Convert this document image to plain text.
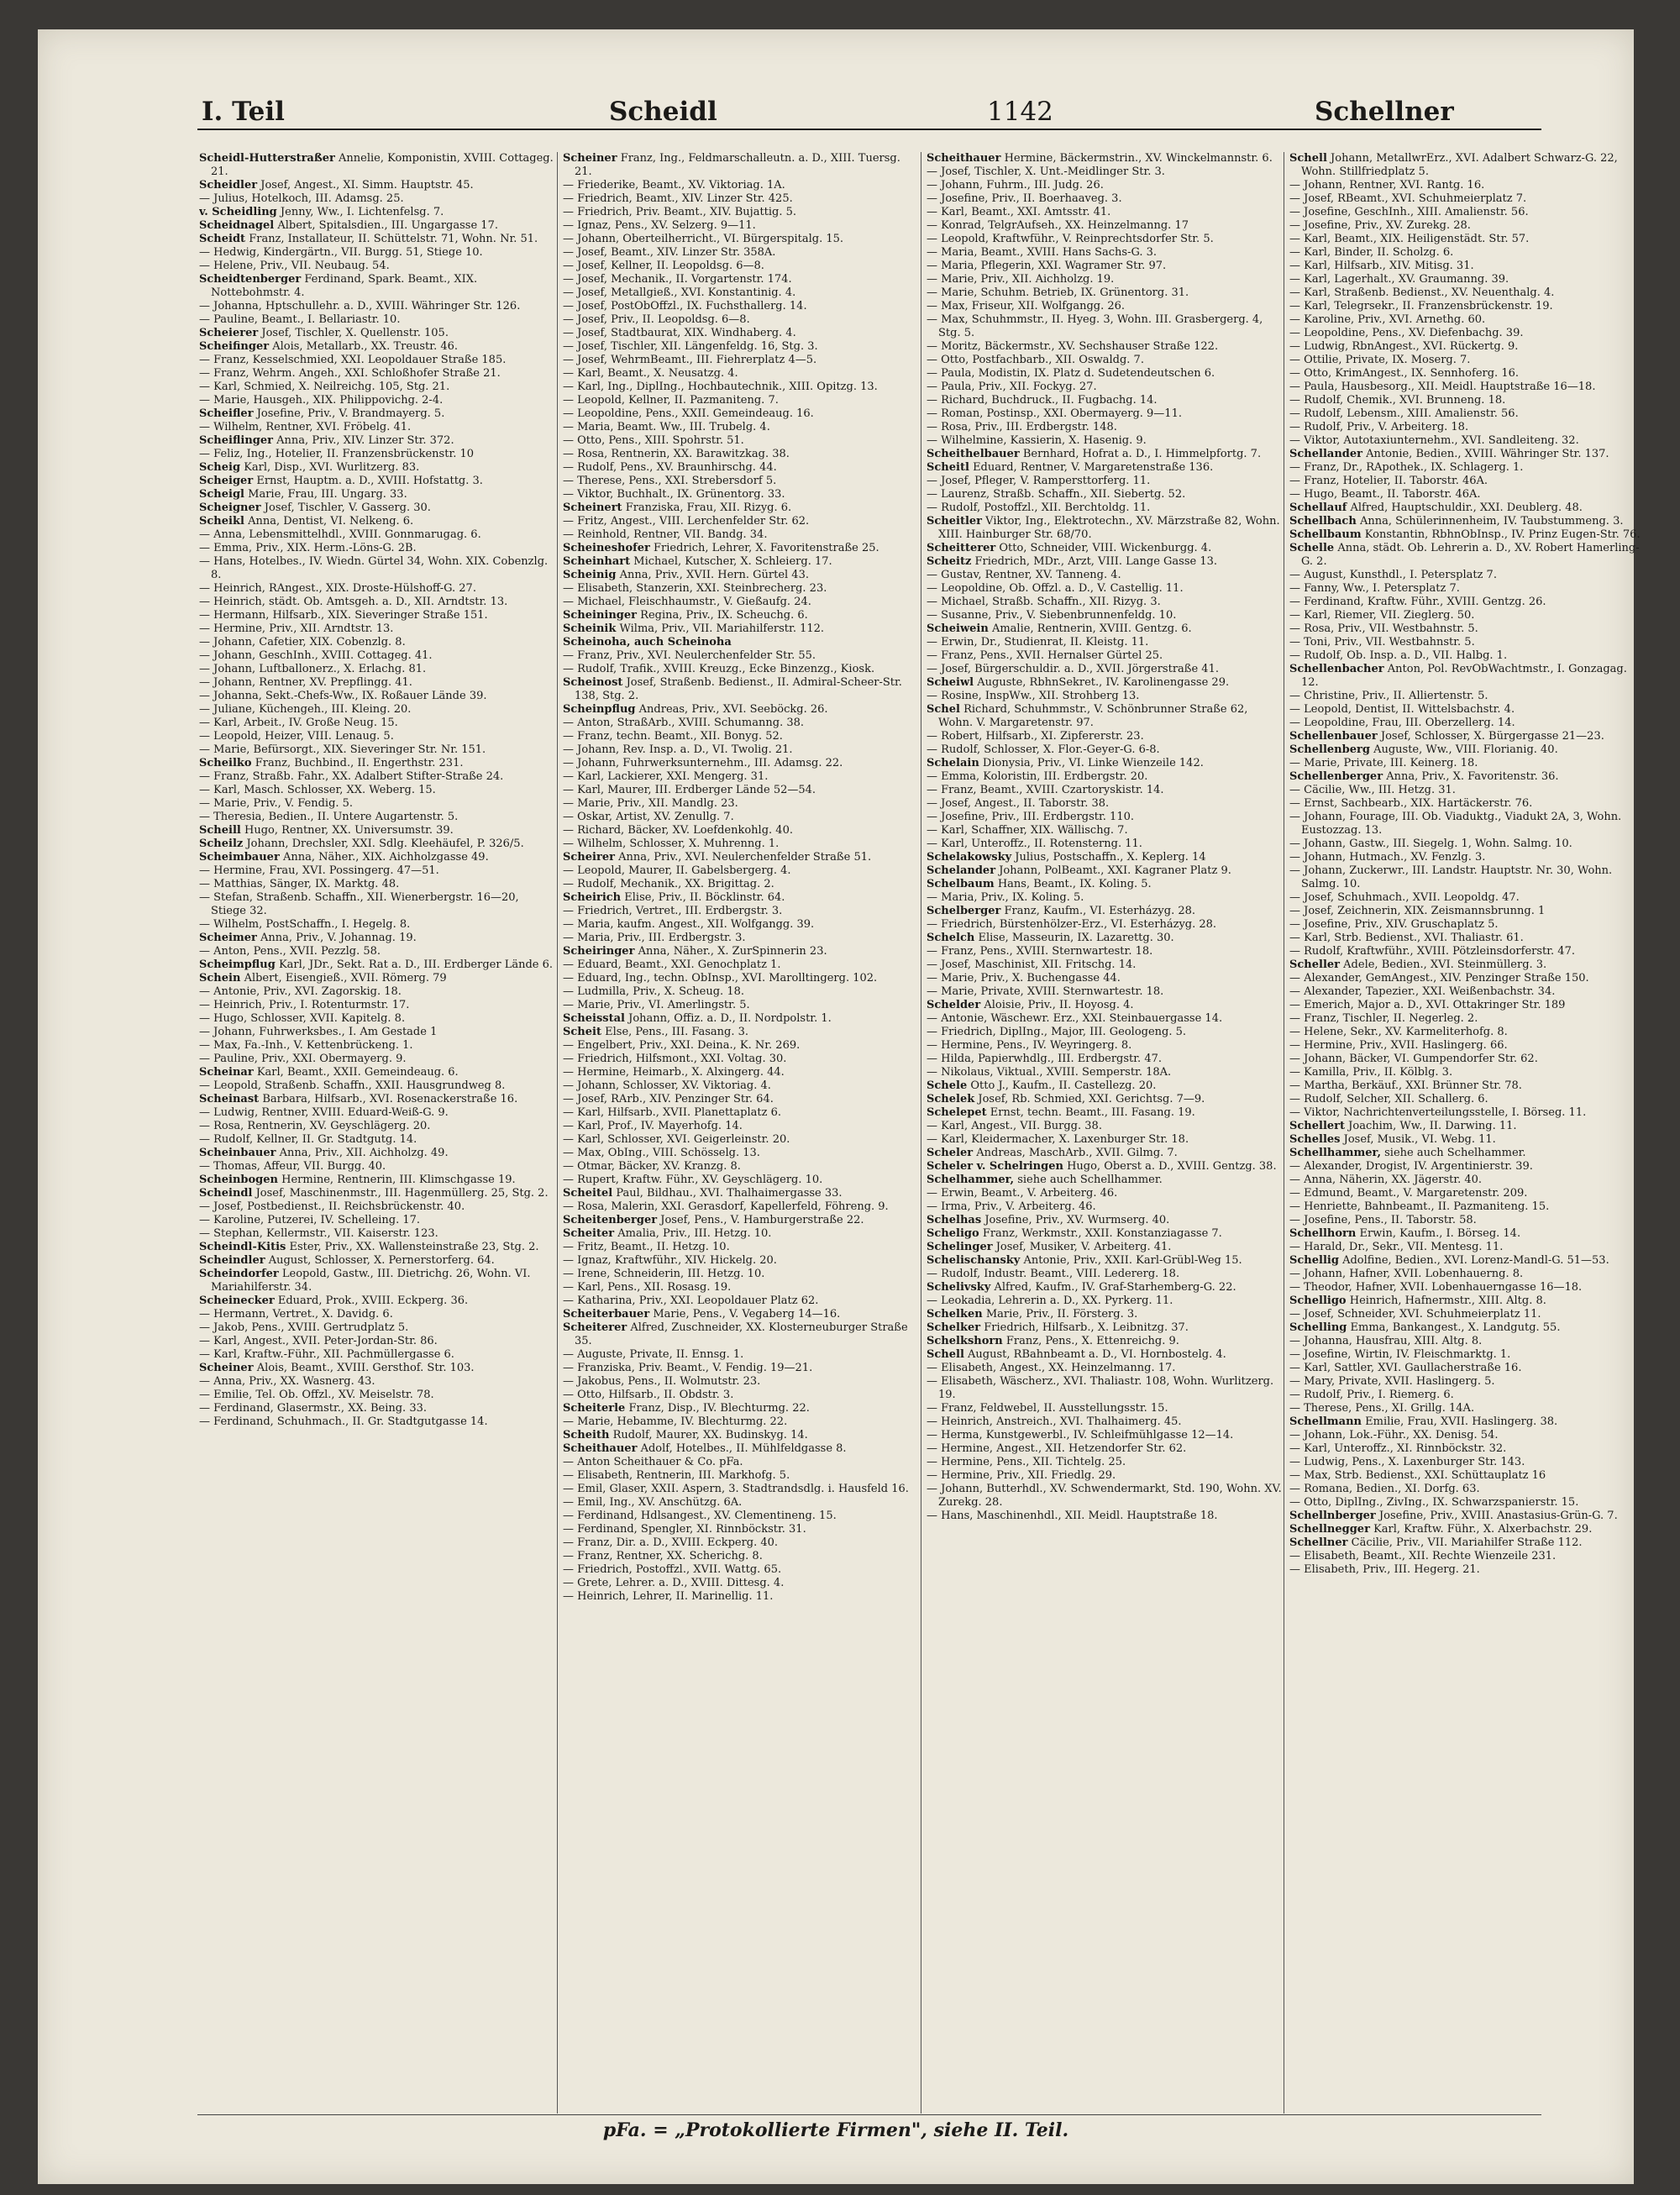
I. Teil	Scheidl	1142	Schellner

Scheidl-Hutterstraßer Annelie, Komponistin, XVIII. Cottageg. 21.

Scheidler Josef, Angest., XI. Simm. Hauptstr. 45.

— Julius, Hotelkoch, III. Adamsg. 25.

v. Scheidling Jenny, Ww., I. Lichtenfelsg. 7.

Scheidnagel Albert, Spitalsdien., III. Ungargasse 17.

Scheidt Franz, Installateur, II. Schüttelstr. 71, Wohn. Nr. 51.

— Hedwig, Kindergärtn., VII. Burgg. 51, Stiege 10.

— Helene, Priv., VII. Neubaug. 54.

Scheidtenberger Ferdinand, Spark. Beamt., XIX. Nottebohmstr. 4.

— Johanna, Hptschullehr. a. D., XVIII. Währinger Str. 126.

— Pauline, Beamt., I. Bellariastr. 10.

Scheierer Josef, Tischler, X. Quellenstr. 105.

Scheifinger Alois, Metallarb., XX. Treustr. 46.

— Franz, Kesselschmied, XXI. Leopoldauer Straße 185.

— Franz, Wehrm. Angeh., XXI. Schloßhofer Straße 21.

— Karl, Schmied, X. Neilreichg. 105, Stg. 21.

— Marie, Hausgeh., XIX. Philippovichg. 2-4.

Scheifler Josefine, Priv., V. Brandmayerg. 5.

— Wilhelm, Rentner, XVI. Fröbelg. 41.

Scheiflinger Anna, Priv., XIV. Linzer Str. 372.

— Feliz, Ing., Hotelier, II. Franzensbrückenstr. 10

Scheig Karl, Disp., XVI. Wurlitzerg. 83.

Scheiger Ernst, Hauptm. a. D., XVIII. Hofstattg. 3.

Scheigl Marie, Frau, III. Ungarg. 33.

Scheigner Josef, Tischler, V. Gasserg. 30.

Scheikl Anna, Dentist, VI. Nelkeng. 6.

— Anna, Lebensmittelhdl., XVIII. Gonnmarugag. 6.

— Emma, Priv., XIX. Herm.-Löns-G. 2B.

— Hans, Hotelbes., IV. Wiedn. Gürtel 34, Wohn. XIX. Cobenzlg. 8.

— Heinrich, RAngest., XIX. Droste-Hülshoff-G. 27.

— Heinrich, städt. Ob. Amtsgeh. a. D., XII. Arndtstr. 13.

— Hermann, Hilfsarb., XIX. Sieveringer Straße 151.

— Hermine, Priv., XII. Arndtstr. 13.

— Johann, Cafetier, XIX. Cobenzlg. 8.

— Johann, GeschInh., XVIII. Cottageg. 41.

— Johann, Luftballonerz., X. Erlachg. 81.

— Johann, Rentner, XV. Prepflingg. 41.

— Johanna, Sekt.-Chefs-Ww., IX. Roßauer Lände 39.

— Juliane, Küchengeh., III. Kleing. 20.

— Karl, Arbeit., IV. Große Neug. 15.

— Leopold, Heizer, VIII. Lenaug. 5.

— Marie, Befürsorgt., XIX. Sieveringer Str. Nr. 151.

Scheilko Franz, Buchbind., II. Engerthstr. 231.

— Franz, Straßb. Fahr., XX. Adalbert Stifter-Straße 24.

— Karl, Masch. Schlosser, XX. Weberg. 15.

— Marie, Priv., V. Fendig. 5.

— Theresia, Bedien., II. Untere Augartenstr. 5.

Scheill Hugo, Rentner, XX. Universumstr. 39.

Scheilz Johann, Drechsler, XXI. Sdlg. Kleehäufel, P. 326/5.

Scheimbauer Anna, Näher., XIX. Aichholzgasse 49.

— Hermine, Frau, XVI. Possingerg. 47—51.

— Matthias, Sänger, IX. Marktg. 48.

— Stefan, Straßenb. Schaffn., XII. Wienerbergstr. 16—20, Stiege 32.

— Wilhelm, PostSchaffn., I. Hegelg. 8.

Scheimer Anna, Priv., V. Johannag. 19.

— Anton, Pens., XVII. Pezzlg. 58.

Scheimpflug Karl, JDr., Sekt. Rat a. D., III. Erdberger Lände 6.

Schein Albert, Eisengieß., XVII. Römerg. 79

— Antonie, Priv., XVI. Zagorskig. 18.

— Heinrich, Priv., I. Rotenturmstr. 17.

— Hugo, Schlosser, XVII. Kapitelg. 8.

— Johann, Fuhrwerksbes., I. Am Gestade 1

— Max, Fa.-Inh., V. Kettenbrückeng. 1.

— Pauline, Priv., XXI. Obermayerg. 9.

Scheinar Karl, Beamt., XXII. Gemeindeaug. 6.

— Leopold, Straßenb. Schaffn., XXII. Hausgrundweg 8.

Scheinast Barbara, Hilfsarb., XVI. Rosenackerstraße 16.

— Ludwig, Rentner, XVIII. Eduard-Weiß-G. 9.

— Rosa, Rentnerin, XV. Geyschlägerg. 20.

— Rudolf, Kellner, II. Gr. Stadtgutg. 14.

Scheinbauer Anna, Priv., XII. Aichholzg. 49.

— Thomas, Affeur, VII. Burgg. 40.

Scheinbogen Hermine, Rentnerin, III. Klimschgasse 19.

Scheindl Josef, Maschinenmstr., III. Hagenmüllerg. 25, Stg. 2.

— Josef, Postbedienst., II. Reichsbrückenstr. 40.

— Karoline, Putzerei, IV. Schelleing. 17.

— Stephan, Kellermstr., VII. Kaiserstr. 123.

Scheindl-Kitis Ester, Priv., XX. Wallensteinstraße 23, Stg. 2.

Scheindler August, Schlosser, X. Pernerstorferg. 64.

Scheindorfer Leopold, Gastw., III. Dietrichg. 26, Wohn. VI. Mariahilferstr. 34.

Scheinecker Eduard, Prok., XVIII. Eckperg. 36.

— Hermann, Vertret., X. Davidg. 6.

— Jakob, Pens., XVIII. Gertrudplatz 5.

— Karl, Angest., XVII. Peter-Jordan-Str. 86.

— Karl, Kraftw.-Führ., XII. Pachmüllergasse 6.

Scheiner Alois, Beamt., XVIII. Gersthof. Str. 103.

— Anna, Priv., XX. Wasnerg. 43.

— Emilie, Tel. Ob. Offzl., XV. Meiselstr. 78.

— Ferdinand, Glasermstr., XX. Being. 33.

— Ferdinand, Schuhmach., II. Gr. Stadtgutgasse 14.

Scheiner Franz, Ing., Feldmarschalleutn. a. D., XIII. Tuersg. 21.

— Friederike, Beamt., XV. Viktoriag. 1A.

— Friedrich, Beamt., XIV. Linzer Str. 425.

— Friedrich, Priv. Beamt., XIV. Bujattig. 5.

— Ignaz, Pens., XV. Selzerg. 9—11.

— Johann, Oberteilherricht., VI. Bürgerspitalg. 15.

— Josef, Beamt., XIV. Linzer Str. 358A.

— Josef, Kellner, II. Leopoldsg. 6—8.

— Josef, Mechanik., II. Vorgartenstr. 174.

— Josef, Metallgieß., XVI. Konstantinig. 4.

— Josef, PostObOffzl., IX. Fuchsthallerg. 14.

— Josef, Priv., II. Leopoldsg. 6—8.

— Josef, Stadtbaurat, XIX. Windhaberg. 4.

— Josef, Tischler, XII. Längenfeldg. 16, Stg. 3.

— Josef, WehrmBeamt., III. Fiehrerplatz 4—5.

— Karl, Beamt., X. Neusatzg. 4.

— Karl, Ing., DiplIng., Hochbautechnik., XIII. Opitzg. 13.

— Leopold, Kellner, II. Pazmaniteng. 7.

— Leopoldine, Pens., XXII. Gemeindeaug. 16.

— Maria, Beamt. Ww., III. Trubelg. 4.

— Otto, Pens., XIII. Spohrstr. 51.

— Rosa, Rentnerin, XX. Barawitzkag. 38.

— Rudolf, Pens., XV. Braunhirschg. 44.

— Therese, Pens., XXI. Strebersdorf 5.

— Viktor, Buchhalt., IX. Grünentorg. 33.

Scheinert Franziska, Frau, XII. Rizyg. 6.

— Fritz, Angest., VIII. Lerchenfelder Str. 62.

— Reinhold, Rentner, VII. Bandg. 34.

Scheineshofer Friedrich, Lehrer, X. Favoritenstraße 25.

Scheinhart Michael, Kutscher, X. Schleierg. 17.

Scheinig Anna, Priv., XVII. Hern. Gürtel 43.

— Elisabeth, Stanzerin, XXI. Steinbrecherg. 23.

— Michael, Fleischhaumstr., V. Gießaufg. 24.

Scheininger Regina, Priv., IX. Scheuchg. 6.

Scheinik Wilma, Priv., VII. Mariahilferstr. 112.

Scheinoha, auch Scheinoha

— Franz, Priv., XVI. Neulerchenfelder Str. 55.

— Rudolf, Trafik., XVIII. Kreuzg., Ecke Binzenzg., Kiosk.

Scheinost Josef, Straßenb. Bedienst., II. Admiral-Scheer-Str. 138, Stg. 2.

Scheinpflug Andreas, Priv., XVI. Seeböckg. 26.

— Anton, StraßArb., XVIII. Schumanng. 38.

— Franz, techn. Beamt., XII. Bonyg. 52.

— Johann, Rev. Insp. a. D., VI. Twolig. 21.

— Johann, Fuhrwerksunternehm., III. Adamsg. 22.

— Karl, Lackierer, XXI. Mengerg. 31.

— Karl, Maurer, III. Erdberger Lände 52—54.

— Marie, Priv., XII. Mandlg. 23.

— Oskar, Artist, XV. Zenullg. 7.

— Richard, Bäcker, XV. Loefdenkohlg. 40.

— Wilhelm, Schlosser, X. Muhrenng. 1.

Scheirer Anna, Priv., XVI. Neulerchenfelder Straße 51.

— Leopold, Maurer, II. Gabelsbergerg. 4.

— Rudolf, Mechanik., XX. Brigittag. 2.

Scheirich Elise, Priv., II. Böcklinstr. 64.

— Friedrich, Vertret., III. Erdbergstr. 3.

— Maria, kaufm. Angest., XII. Wolfgangg. 39.

— Maria, Priv., III. Erdbergstr. 3.

Scheiringer Anna, Näher., X. ZurSpinnerin 23.

— Eduard, Beamt., XXI. Genochplatz 1.

— Eduard, Ing., techn. ObInsp., XVI. Marolltingerg. 102.

— Ludmilla, Priv., X. Scheug. 18.

— Marie, Priv., VI. Amerlingstr. 5.

Scheisstal Johann, Offiz. a. D., II. Nordpolstr. 1.

Scheit Else, Pens., III. Fasang. 3.

— Engelbert, Priv., XXI. Deina., K. Nr. 269.

— Friedrich, Hilfsmont., XXI. Voltag. 30.

— Hermine, Heimarb., X. Alxingerg. 44.

— Johann, Schlosser, XV. Viktoriag. 4.

— Josef, RArb., XIV. Penzinger Str. 64.

— Karl, Hilfsarb., XVII. Planettaplatz 6.

— Karl, Prof., IV. Mayerhofg. 14.

— Karl, Schlosser, XVI. Geigerleinstr. 20.

— Max, ObIng., VIII. Schösselg. 13.

— Otmar, Bäcker, XV. Kranzg. 8.

— Rupert, Kraftw. Führ., XV. Geyschlägerg. 10.

Scheitel Paul, Bildhau., XVI. Thalhaimergasse 33.

— Rosa, Malerin, XXI. Gerasdorf, Kapellerfeld, Föhreng. 9.

Scheitenberger Josef, Pens., V. Hamburgerstraße 22.

Scheiter Amalia, Priv., III. Hetzg. 10.

— Fritz, Beamt., II. Hetzg. 10.

— Ignaz, Kraftwführ., XIV. Hickelg. 20.

— Irene, Schneiderin, III. Hetzg. 10.

— Karl, Pens., XII. Rosasg. 19.

— Katharina, Priv., XXI. Leopoldauer Platz 62.

Scheiterbauer Marie, Pens., V. Vegaberg 14—16.

Scheiterer Alfred, Zuschneider, XX. Klosterneuburger Straße 35.

— Auguste, Private, II. Ennsg. 1.

— Franziska, Priv. Beamt., V. Fendig. 19—21.

— Jakobus, Pens., II. Wolmutstr. 23.

— Otto, Hilfsarb., II. Obdstr. 3.

Scheiterle Franz, Disp., IV. Blechturmg. 22.

— Marie, Hebamme, IV. Blechturmg. 22.

Scheith Rudolf, Maurer, XX. Budinskyg. 14.

Scheithauer Adolf, Hotelbes., II. Mühlfeldgasse 8.

— Anton Scheithauer & Co. pFa.

— Elisabeth, Rentnerin, III. Markhofg. 5.

— Emil, Glaser, XXII. Aspern, 3. Stadtrandsdlg. i. Hausfeld 16.

— Emil, Ing., XV. Anschützg. 6A.

— Ferdinand, Hdlsangest., XV. Clementineng. 15.

— Ferdinand, Spengler, XI. Rinnböckstr. 31.

— Franz, Dir. a. D., XVIII. Eckperg. 40.

— Franz, Rentner, XX. Scherichg. 8.

— Friedrich, Postoffzl., XVII. Wattg. 65.

— Grete, Lehrer. a. D., XVIII. Dittesg. 4.

— Heinrich, Lehrer, II. Marinellig. 11.

Scheithauer Hermine, Bäckermstrin., XV. Winckelmannstr. 6.

— Josef, Tischler, X. Unt.-Meidlinger Str. 3.

— Johann, Fuhrm., III. Judg. 26.

— Josefine, Priv., II. Boerhaaveg. 3.

— Karl, Beamt., XXI. Amtsstr. 41.

— Konrad, TelgrAufseh., XX. Heinzelmanng. 17

— Leopold, Kraftwführ., V. Reinprechtsdorfer Str. 5.

— Maria, Beamt., XVIII. Hans Sachs-G. 3.

— Maria, Pflegerin, XXI. Wagramer Str. 97.

— Marie, Priv., XII. Aichholzg. 19.

— Marie, Schuhm. Betrieb, IX. Grünentorg. 31.

— Max, Friseur, XII. Wolfgangg. 26.

— Max, Schuhmmstr., II. Hyeg. 3, Wohn. III. Grasbergerg. 4, Stg. 5.

— Moritz, Bäckermstr., XV. Sechshauser Straße 122.

— Otto, Postfachbarb., XII. Oswaldg. 7.

— Paula, Modistin, IX. Platz d. Sudetendeutschen 6.

— Paula, Priv., XII. Fockyg. 27.

— Richard, Buchdruck., II. Fugbachg. 14.

— Roman, Postinsp., XXI. Obermayerg. 9—11.

— Rosa, Priv., III. Erdbergstr. 148.

— Wilhelmine, Kassierin, X. Hasenig. 9.

Scheithelbauer Bernhard, Hofrat a. D., I. Himmelpfortg. 7.

Scheitl Eduard, Rentner, V. Margaretenstraße 136.

— Josef, Pfleger, V. Rampersttorferg. 11.

— Laurenz, Straßb. Schaffn., XII. Siebertg. 52.

— Rudolf, Postoffzl., XII. Berchtoldg. 11.

Scheitler Viktor, Ing., Elektrotechn., XV. Märzstraße 82, Wohn. XIII. Hainburger Str. 68/70.

Scheitterer Otto, Schneider, VIII. Wickenburgg. 4.

Scheitz Friedrich, MDr., Arzt, VIII. Lange Gasse 13.

— Gustav, Rentner, XV. Tanneng. 4.

— Leopoldine, Ob. Offzl. a. D., V. Castellig. 11.

— Michael, Straßb. Schaffn., XII. Rizyg. 3.

— Susanne, Priv., V. Siebenbrunnenfeldg. 10.

Scheiwein Amalie, Rentnerin, XVIII. Gentzg. 6.

— Erwin, Dr., Studienrat, II. Kleistg. 11.

— Franz, Pens., XVII. Hernalser Gürtel 25.

— Josef, Bürgerschuldir. a. D., XVII. Jörgerstraße 41.

Scheiwl Auguste, RbhnSekret., IV. Karolinengasse 29.

— Rosine, InspWw., XII. Strohberg 13.

Schel Richard, Schuhmmstr., V. Schönbrunner Straße 62, Wohn. V. Margaretenstr. 97.

— Robert, Hilfsarb., XI. Zipfererstr. 23.

— Rudolf, Schlosser, X. Flor.-Geyer-G. 6-8.

Schelain Dionysia, Priv., VI. Linke Wienzeile 142.

— Emma, Koloristin, III. Erdbergstr. 20.

— Franz, Beamt., XVIII. Czartoryskistr. 14.

— Josef, Angest., II. Taborstr. 38.

— Josefine, Priv., III. Erdbergstr. 110.

— Karl, Schaffner, XIX. Wällischg. 7.

— Karl, Unteroffz., II. Rotensterng. 11.

Schelakowsky Julius, Postschaffn., X. Keplerg. 14

Schelander Johann, PolBeamt., XXI. Kagraner Platz 9.

Schelbaum Hans, Beamt., IX. Koling. 5.

— Maria, Priv., IX. Koling. 5.

Schelberger Franz, Kaufm., VI. Esterházyg. 28.

— Friedrich, Bürstenhölzer-Erz., VI. Esterházyg. 28.

Schelch Elise, Masseurin, IX. Lazarettg. 30.

— Franz, Pens., XVIII. Sternwartestr. 18.

— Josef, Maschinist, XII. Fritschg. 14.

— Marie, Priv., X. Buchengasse 44.

— Marie, Private, XVIII. Sternwartestr. 18.

Schelder Aloisie, Priv., II. Hoyosg. 4.

— Antonie, Wäschewr. Erz., XXI. Steinbauergasse 14.

— Friedrich, DiplIng., Major, III. Geologeng. 5.

— Hermine, Pens., IV. Weyringerg. 8.

— Hilda, Papierwhdlg., III. Erdbergstr. 47.

— Nikolaus, Viktual., XVIII. Semperstr. 18A.

Schele Otto J., Kaufm., II. Castellezg. 20.

Schelek Josef, Rb. Schmied, XXI. Gerichtsg. 7—9.

Schelepet Ernst, techn. Beamt., III. Fasang. 19.

— Karl, Angest., VII. Burgg. 38.

— Karl, Kleidermacher, X. Laxenburger Str. 18.

Scheler Andreas, MaschArb., XVII. Gilmg. 7.

Scheler v. Schelringen Hugo, Oberst a. D., XVIII. Gentzg. 38.

Schelhammer, siehe auch Schellhammer.

— Erwin, Beamt., V. Arbeiterg. 46.

— Irma, Priv., V. Arbeiterg. 46.

Schelhas Josefine, Priv., XV. Wurmserg. 40.

Scheligo Franz, Werkmstr., XXII. Konstanziagasse 7.

Schelinger Josef, Musiker, V. Arbeiterg. 41.

Schelischansky Antonie, Priv., XXII. Karl-Grübl-Weg 15.

— Rudolf, Industr. Beamt., VIII. Ledererg. 18.

Schelivsky Alfred, Kaufm., IV. Graf-Starhemberg-G. 22.

— Leokadia, Lehrerin a. D., XX. Pyrkerg. 11.

Schelken Marie, Priv., II. Försterg. 3.

Schelker Friedrich, Hilfsarb., X. Leibnitzg. 37.

Schelkshorn Franz, Pens., X. Ettenreichg. 9.

Schell August, RBahnbeamt a. D., VI. Hornbostelg. 4.

— Elisabeth, Angest., XX. Heinzelmanng. 17.

— Elisabeth, Wäscherz., XVI. Thaliastr. 108, Wohn. Wurlitzerg. 19.

— Franz, Feldwebel, II. Ausstellungsstr. 15.

— Heinrich, Anstreich., XVI. Thalhaimerg. 45.

— Herma, Kunstgewerbl., IV. Schleifmühlgasse 12—14.

— Hermine, Angest., XII. Hetzendorfer Str. 62.

— Hermine, Pens., XII. Tichtelg. 25.

— Hermine, Priv., XII. Friedlg. 29.

— Johann, Butterhdl., XV. Schwendermarkt, Std. 190, Wohn. XV. Zurekg. 28.

— Hans, Maschinenhdl., XII. Meidl. Hauptstraße 18.

Schell Johann, MetallwrErz., XVI. Adalbert Schwarz-G. 22, Wohn. Stillfriedplatz 5.

— Johann, Rentner, XVI. Rantg. 16.

— Josef, RBeamt., XVI. Schuhmeierplatz 7.

— Josefine, GeschInh., XIII. Amalienstr. 56.

— Josefine, Priv., XV. Zurekg. 28.

— Karl, Beamt., XIX. Heiligenstädt. Str. 57.

— Karl, Binder, II. Scholzg. 6.

— Karl, Hilfsarb., XIV. Mitisg. 31.

— Karl, Lagerhalt., XV. Graumanng. 39.

— Karl, Straßenb. Bedienst., XV. Neuenthalg. 4.

— Karl, Telegrsekr., II. Franzensbrückenstr. 19.

— Karoline, Priv., XVI. Arnethg. 60.

— Leopoldine, Pens., XV. Diefenbachg. 39.

— Ludwig, RbnAngest., XVI. Rückertg. 9.

— Ottilie, Private, IX. Moserg. 7.

— Otto, KrimAngest., IX. Sennhoferg. 16.

— Paula, Hausbesorg., XII. Meidl. Hauptstraße 16—18.

— Rudolf, Chemik., XVI. Brunneng. 18.

— Rudolf, Lebensm., XIII. Amalienstr. 56.

— Rudolf, Priv., V. Arbeiterg. 18.

— Viktor, Autotaxiunternehm., XVI. Sandleiteng. 32.

Schellander Antonie, Bedien., XVIII. Währinger Str. 137.

— Franz, Dr., RApothek., IX. Schlagerg. 1.

— Franz, Hotelier, II. Taborstr. 46A.

— Hugo, Beamt., II. Taborstr. 46A.

Schellauf Alfred, Hauptschuldir., XXI. Deublerg. 48.

Schellbach Anna, Schülerinnenheim, IV. Taubstummeng. 3.

Schellbaum Konstantin, RbhnObInsp., IV. Prinz Eugen-Str. 76.

Schelle Anna, städt. Ob. Lehrerin a. D., XV. Robert Hamerling-G. 2.

— August, Kunsthdl., I. Petersplatz 7.

— Fanny, Ww., I. Petersplatz 7.

— Ferdinand, Kraftw. Führ., XVIII. Gentzg. 26.

— Karl, Riemer, VII. Zieglerg. 50.

— Rosa, Priv., VII. Westbahnstr. 5.

— Toni, Priv., VII. Westbahnstr. 5.

— Rudolf, Ob. Insp. a. D., VII. Halbg. 1.

Schellenbacher Anton, Pol. RevObWachtmstr., I. Gonzagag. 12.

— Christine, Priv., II. Alliertenstr. 5.

— Leopold, Dentist, II. Wittelsbachstr. 4.

— Leopoldine, Frau, III. Oberzellerg. 14.

Schellenbauer Josef, Schlosser, X. Bürgergasse 21—23.

Schellenberg Auguste, Ww., VIII. Florianig. 40.

— Marie, Private, III. Keinerg. 18.

Schellenberger Anna, Priv., X. Favoritenstr. 36.

— Cäcilie, Ww., III. Hetzg. 31.

— Ernst, Sachbearb., XIX. Hartäckerstr. 76.

— Johann, Fourage, III. Ob. Viaduktg., Viadukt 2A, 3, Wohn. Eustozzag. 13.

— Johann, Gastw., III. Siegelg. 1, Wohn. Salmg. 10.

— Johann, Hutmach., XV. Fenzlg. 3.

— Johann, Zuckerwr., III. Landstr. Hauptstr. Nr. 30, Wohn. Salmg. 10.

— Josef, Schuhmach., XVII. Leopoldg. 47.

— Josef, Zeichnerin, XIX. Zeismannsbrunng. 1

— Josefine, Priv., XIV. Gruschaplatz 5.

— Karl, Strb. Bedienst., XVI. Thaliastr. 61.

— Rudolf, Kraftwführ., XVIII. Pötzleinsdorferstr. 47.

Scheller Adele, Bedien., XVI. Steinmüllerg. 3.

— Alexander, GemAngest., XIV. Penzinger Straße 150.

— Alexander, Tapezier., XXI. Weißenbachstr. 34.

— Emerich, Major a. D., XVI. Ottakringer Str. 189

— Franz, Tischler, II. Negerleg. 2.

— Helene, Sekr., XV. Karmeliterhofg. 8.

— Hermine, Priv., XVII. Haslingerg. 66.

— Johann, Bäcker, VI. Gumpendorfer Str. 62.

— Kamilla, Priv., II. Kölblg. 3.

— Martha, Berkäuf., XXI. Brünner Str. 78.

— Rudolf, Selcher, XII. Schallerg. 6.

— Viktor, Nachrichtenverteilungsstelle, I. Börseg. 11.

Schellert Joachim, Ww., II. Darwing. 11.

Schelles Josef, Musik., VI. Webg. 11.

Schellhammer, siehe auch Schelhammer.

— Alexander, Drogist, IV. Argentinierstr. 39.

— Anna, Näherin, XX. Jägerstr. 40.

— Edmund, Beamt., V. Margaretenstr. 209.

— Henriette, Bahnbeamt., II. Pazmaniteng. 15.

— Josefine, Pens., II. Taborstr. 58.

Schellhorn Erwin, Kaufm., I. Börseg. 14.

— Harald, Dr., Sekr., VII. Mentesg. 11.

Schellig Adolfine, Bedien., XVI. Lorenz-Mandl-G. 51—53.

— Johann, Hafner, XVII. Lobenhauerng. 8.

— Theodor, Hafner, XVII. Lobenhauerngasse 16—18.

Schelligo Heinrich, Hafnermstr., XIII. Altg. 8.

— Josef, Schneider, XVI. Schuhmeierplatz 11.

Schelling Emma, Bankangest., X. Landgutg. 55.

— Johanna, Hausfrau, XIII. Altg. 8.

— Josefine, Wirtin, IV. Fleischmarktg. 1.

— Karl, Sattler, XVI. Gaullacherstraße 16.

— Mary, Private, XVII. Haslingerg. 5.

— Rudolf, Priv., I. Riemerg. 6.

— Therese, Pens., XI. Grillg. 14A.

Schellmann Emilie, Frau, XVII. Haslingerg. 38.

— Johann, Lok.-Führ., XX. Denisg. 54.

— Karl, Unteroffz., XI. Rinnböckstr. 32.

— Ludwig, Pens., X. Laxenburger Str. 143.

— Max, Strb. Bedienst., XXI. Schüttauplatz 16

— Romana, Bedien., XI. Dorfg. 63.

— Otto, DiplIng., ZivIng., IX. Schwarzspanierstr. 15.

Schellnberger Josefine, Priv., XVIII. Anastasius-Grün-G. 7.

Schellnegger Karl, Kraftw. Führ., X. Alxerbachstr. 29.

Schellner Cäcilie, Priv., VII. Mariahilfer Straße 112.

— Elisabeth, Beamt., XII. Rechte Wienzeile 231.

— Elisabeth, Priv., III. Hegerg. 21.

pFa. = „Protokollierte Firmen", siehe II. Teil.
